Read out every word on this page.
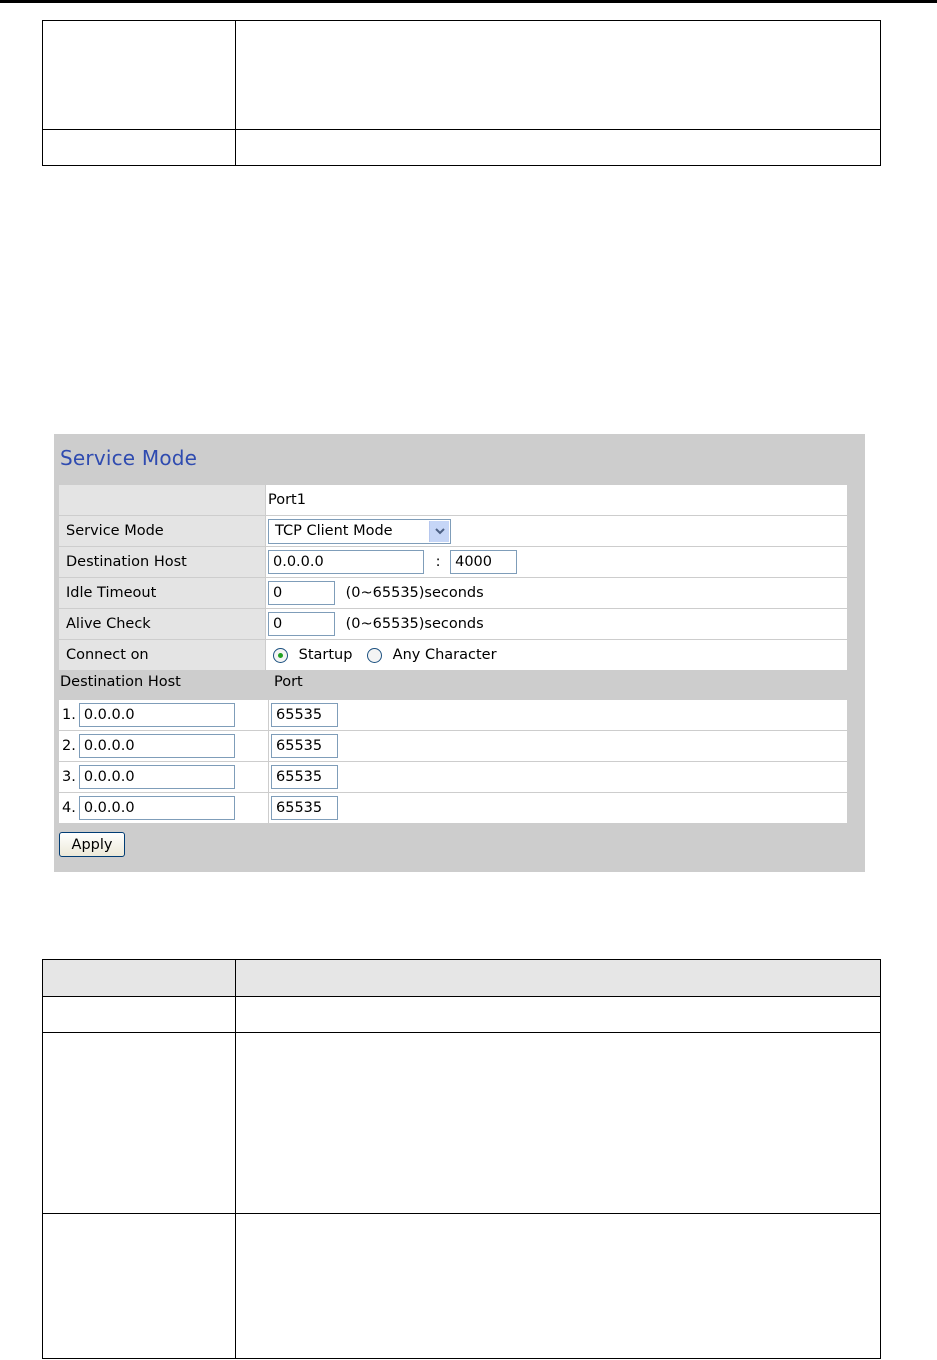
Service Mode
	Port1
Service Mode	TCP Client Mode

Destination Host	0.0.0.0 : 4000
Idle Timeout	0 (0~65535)seconds
Alive Check	0 (0~65535)seconds
Connect on	Startup Any Character
Destination Host	Port
1. 0.0.0.0	65535
2. 0.0.0.0	65535
3. 0.0.0.0	65535
4. 0.0.0.0	65535
Apply
